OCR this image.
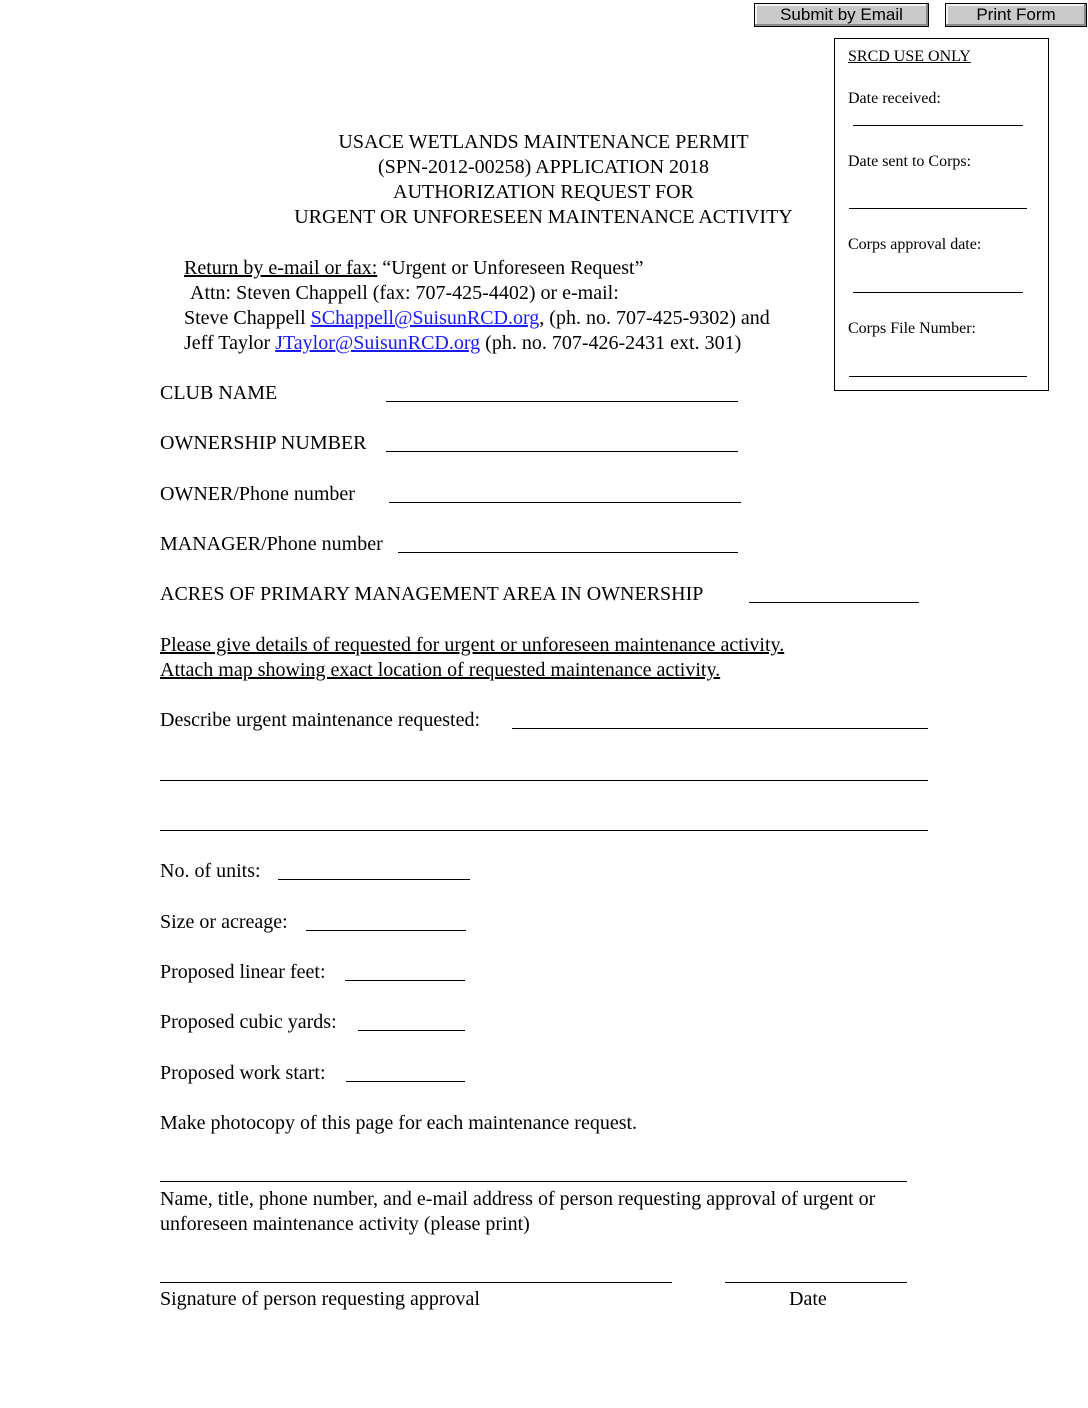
Submit by Email	Print Form
SRCD USE ONLY
Date received:
Date sent to Corps:
Corps approval date:
Corps File Number:
USACE WETLANDS MAINTENANCE PERMIT
(SPN-2012-00258) APPLICATION 2018
AUTHORIZATION REQUEST FOR
URGENT OR UNFORESEEN MAINTENANCE ACTIVITY
Return by e-mail or fax: “Urgent or Unforeseen Request”
Attn: Steven Chappell (fax: 707-425-4402) or e-mail:
Steve Chappell SChappell@SuisunRCD.org, (ph. no. 707-425-9302) and
Jeff Taylor JTaylor@SuisunRCD.org (ph. no. 707-426-2431 ext. 301)
CLUB NAME
OWNERSHIP NUMBER
OWNER/Phone number
MANAGER/Phone number
ACRES OF PRIMARY MANAGEMENT AREA IN OWNERSHIP
Please give details of requested for urgent or unforeseen maintenance activity.
Attach map showing exact location of requested maintenance activity.
Describe urgent maintenance requested:
No. of units:
Size or acreage:
Proposed linear feet:
Proposed cubic yards:
Proposed work start:
Make photocopy of this page for each maintenance request.
Name, title, phone number, and e-mail address of person requesting approval of urgent or
unforeseen maintenance activity (please print)
Signature of person requesting approval	Date
